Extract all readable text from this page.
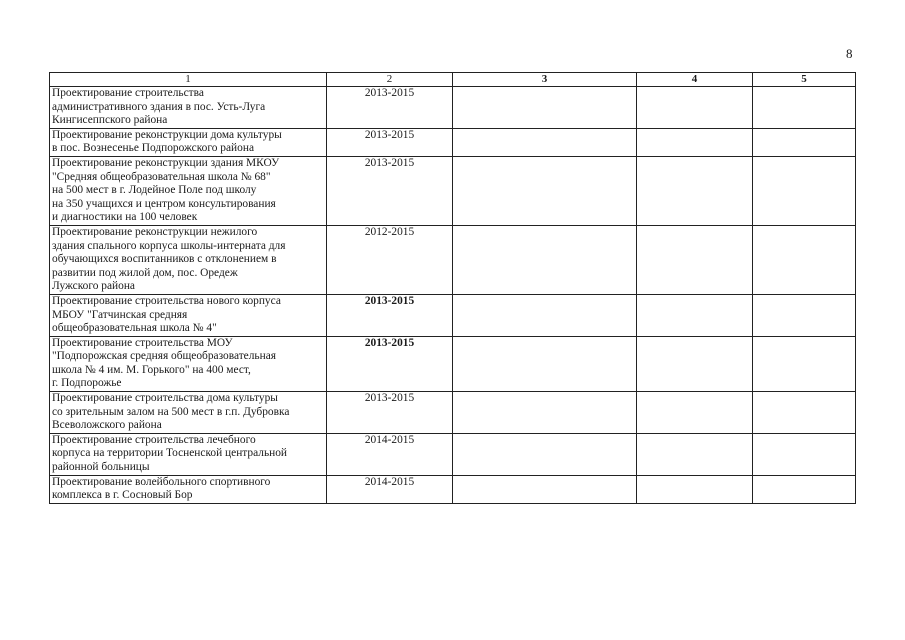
8
1	2	3	4	5

Проектирование строительства
административного здания в пос. Усть-Луга
Кингисеппского района	2013-2015			

Проектирование реконструкции дома культуры
в пос. Вознесенье Подпорожского района	2013-2015			

Проектирование реконструкции здания МКОУ
"Средняя общеобразовательная школа № 68"
на 500 мест в г. Лодейное Поле под школу
на 350 учащихся и центром консультирования
и диагностики на 100 человек	2013-2015			

Проектирование реконструкции нежилого
здания спального корпуса школы-интерната для
обучающихся воспитанников с отклонением в
развитии под жилой дом, пос. Оредеж
Лужского района	2012-2015			

Проектирование строительства нового корпуса
МБОУ "Гатчинская средняя
общеобразовательная школа № 4"	2013-2015			

Проектирование строительства МОУ
"Подпорожская средняя общеобразовательная
школа № 4 им. М. Горького" на 400 мест,
г. Подпорожье	2013-2015			

Проектирование строительства дома культуры
со зрительным залом на 500 мест в г.п. Дубровка
Всеволожского района	2013-2015			

Проектирование строительства лечебного
корпуса на территории Тосненской центральной
районной больницы	2014-2015			

Проектирование волейбольного спортивного
комплекса в г. Сосновый Бор	2014-2015			
